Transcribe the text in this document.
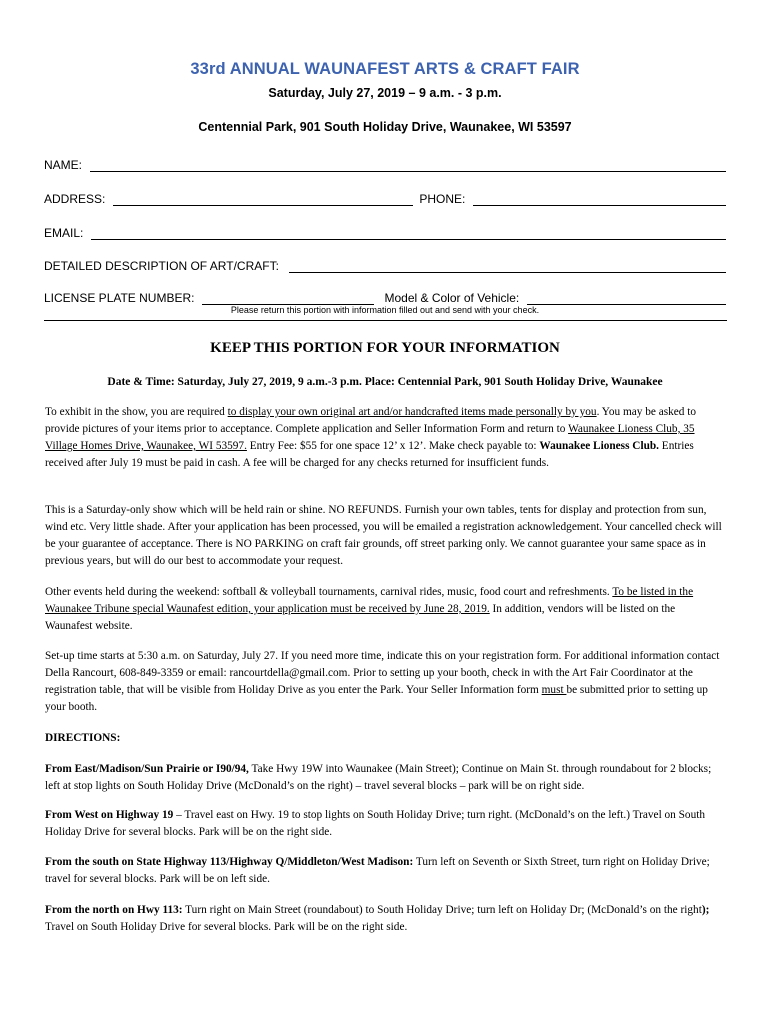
33rd ANNUAL WAUNAFEST ARTS & CRAFT FAIR
Saturday, July 27, 2019 – 9 a.m. - 3 p.m.
Centennial Park, 901 South Holiday Drive, Waunakee, WI 53597
NAME:
ADDRESS:	PHONE:
EMAIL:
DETAILED DESCRIPTION OF ART/CRAFT:
LICENSE PLATE NUMBER:	Model & Color of Vehicle:
Please return this portion with information filled out and send with your check.
KEEP THIS PORTION FOR YOUR INFORMATION
Date & Time: Saturday, July 27, 2019, 9 a.m.-3 p.m. Place: Centennial Park, 901 South Holiday Drive, Waunakee

To exhibit in the show, you are required to display your own original art and/or handcrafted items made personally by you. You may be asked to provide pictures of your items prior to acceptance. Complete application and Seller Information Form and return to Waunakee Lioness Club, 35 Village Homes Drive, Waunakee, WI 53597. Entry Fee: $55 for one space 12’ x 12’. Make check payable to: Waunakee Lioness Club. Entries received after July 19 must be paid in cash. A fee will be charged for any checks returned for insufficient funds.

This is a Saturday-only show which will be held rain or shine. NO REFUNDS. Furnish your own tables, tents for display and protection from sun, wind etc. Very little shade. After your application has been processed, you will be emailed a registration acknowledgement. Your cancelled check will be your guarantee of acceptance. There is NO PARKING on craft fair grounds, off street parking only. We cannot guarantee your same space as in previous years, but will do our best to accommodate your request.

Other events held during the weekend: softball & volleyball tournaments, carnival rides, music, food court and refreshments. To be listed in the Waunakee Tribune special Waunafest edition, your application must be received by June 28, 2019. In addition, vendors will be listed on the Waunafest website.

Set-up time starts at 5:30 a.m. on Saturday, July 27. If you need more time, indicate this on your registration form. For additional information contact Della Rancourt, 608-849-3359 or email: rancourtdella@gmail.com. Prior to setting up your booth, check in with the Art Fair Coordinator at the registration table, that will be visible from Holiday Drive as you enter the Park. Your Seller Information form must be submitted prior to setting up your booth.

DIRECTIONS:

From East/Madison/Sun Prairie or I90/94, Take Hwy 19W into Waunakee (Main Street); Continue on Main St. through roundabout for 2 blocks; left at stop lights on South Holiday Drive (McDonald’s on the right) – travel several blocks – park will be on right side.

From West on Highway 19 – Travel east on Hwy. 19 to stop lights on South Holiday Drive; turn right. (McDonald’s on the left.) Travel on South Holiday Drive for several blocks. Park will be on the right side.

From the south on State Highway 113/Highway Q/Middleton/West Madison: Turn left on Seventh or Sixth Street, turn right on Holiday Drive; travel for several blocks. Park will be on left side.

From the north on Hwy 113: Turn right on Main Street (roundabout) to South Holiday Drive; turn left on Holiday Dr; (McDonald’s on the right); Travel on South Holiday Drive for several blocks. Park will be on the right side.
